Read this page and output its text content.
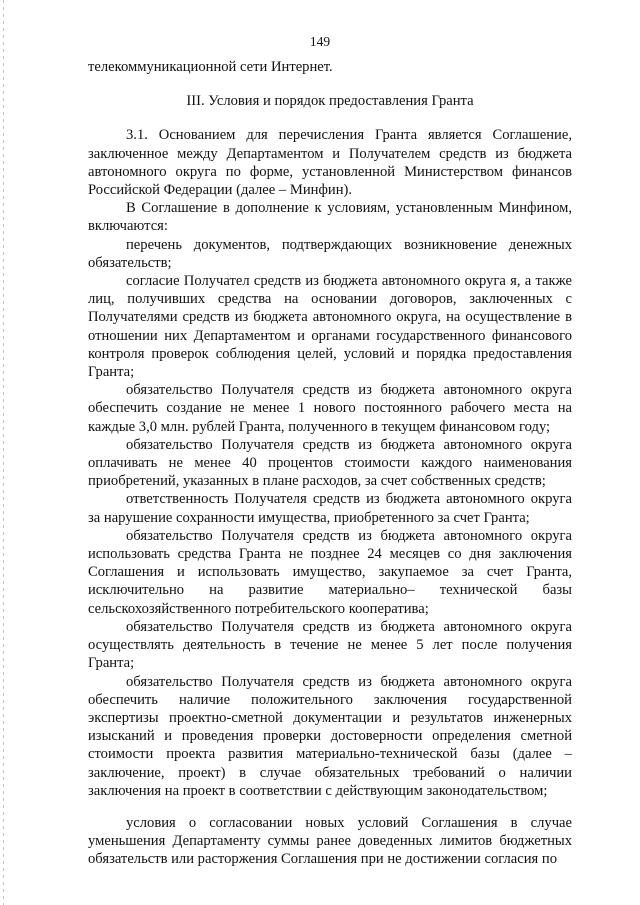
149

телекоммуникационной сети Интернет.

III. Условия и порядок предоставления Гранта

3.1. Основанием для перечисления Гранта является Соглашение, заключенное между Департаментом и Получателем средств из бюджета автономного округа по форме, установленной Министерством финансов Российской Федерации (далее – Минфин).

В Соглашение в дополнение к условиям, установленным Минфином, включаются:

перечень документов, подтверждающих возникновение денежных обязательств;

согласие Получател средств из бюджета автономного округа я, а также лиц, получивших средства на основании договоров, заключенных с Получателями средств из бюджета автономного округа, на осуществление в отношении них Департаментом и органами государственного финансового контроля проверок соблюдения целей, условий и порядка предоставления Гранта;

обязательство Получателя средств из бюджета автономного округа обеспечить создание не менее 1 нового постоянного рабочего места на каждые 3,0 млн. рублей Гранта, полученного в текущем финансовом году;

обязательство Получателя средств из бюджета автономного округа оплачивать не менее 40 процентов стоимости каждого наименования приобретений, указанных в плане расходов, за счет собственных средств;

ответственность Получателя средств из бюджета автономного округа за нарушение сохранности имущества, приобретенного за счет Гранта;

обязательство Получателя средств из бюджета автономного округа использовать средства Гранта не позднее 24 месяцев со дня заключения Соглашения и использовать имущество, закупаемое за счет Гранта, исключительно на развитие материально– технической базы сельскохозяйственного потребительского кооператива;

обязательство Получателя средств из бюджета автономного округа осуществлять деятельность в течение не менее 5 лет после получения Гранта;

обязательство Получателя средств из бюджета автономного округа обеспечить наличие положительного заключения государственной экспертизы проектно-сметной документации и результатов инженерных изысканий и проведения проверки достоверности определения сметной стоимости проекта развития материально-технической базы (далее – заключение, проект) в случае обязательных требований о наличии заключения на проект в соответствии с действующим законодательством;

условия о согласовании новых условий Соглашения в случае уменьшения Департаменту суммы ранее доведенных лимитов бюджетных обязательств или расторжения Соглашения при не достижении согласия по
